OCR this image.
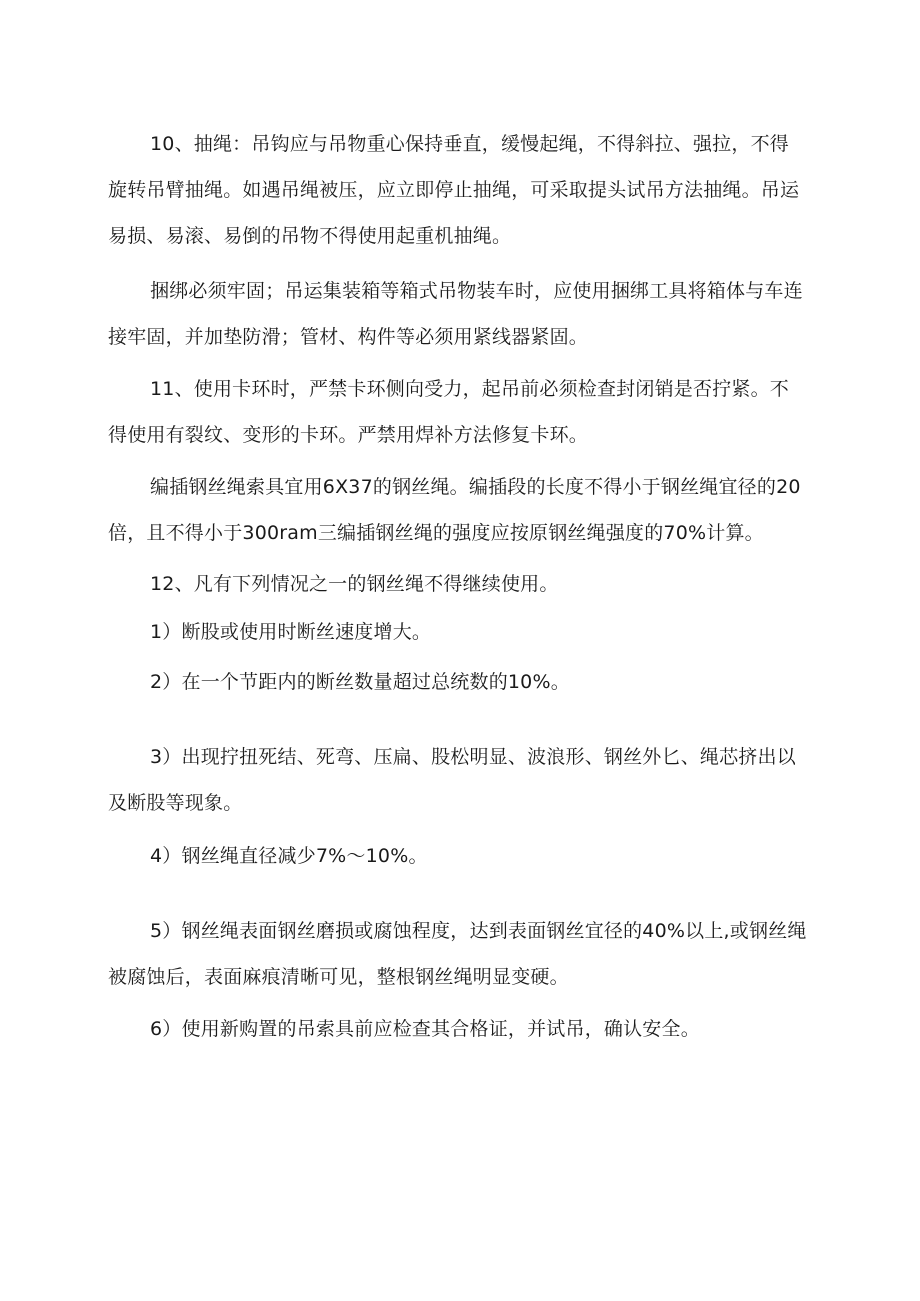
10、抽绳：吊钩应与吊物重心保持垂直，缓慢起绳，不得斜拉、强拉，不得旋转吊臂抽绳。如遇吊绳被压，应立即停止抽绳，可采取提头试吊方法抽绳。吊运易损、易滚、易倒的吊物不得使用起重机抽绳。

捆绑必须牢固；吊运集装箱等箱式吊物装车时，应使用捆绑工具将箱体与车连接牢固，并加垫防滑；管材、构件等必须用紧线器紧固。

11、使用卡环时，严禁卡环侧向受力，起吊前必须检查封闭销是否拧紧。不得使用有裂纹、变形的卡环。严禁用焊补方法修复卡环。

编插钢丝绳索具宜用6X37的钢丝绳。编插段的长度不得小于钢丝绳宜径的20倍，且不得小于300ram三编插钢丝绳的强度应按原钢丝绳强度的70%计算。

12、凡有下列情况之一的钢丝绳不得继续使用。

1）断股或使用时断丝速度增大。

2）在一个节距内的断丝数量超过总统数的10%。

3）出现拧扭死结、死弯、压扁、股松明显、波浪形、钢丝外匕、绳芯挤出以及断股等现象。

4）钢丝绳直径减少7%〜10%。

5）钢丝绳表面钢丝磨损或腐蚀程度，达到表面钢丝宜径的40%以上,或钢丝绳被腐蚀后，表面麻痕清晰可见，整根钢丝绳明显变硬。

6）使用新购置的吊索具前应检查其合格证，并试吊，确认安全。
